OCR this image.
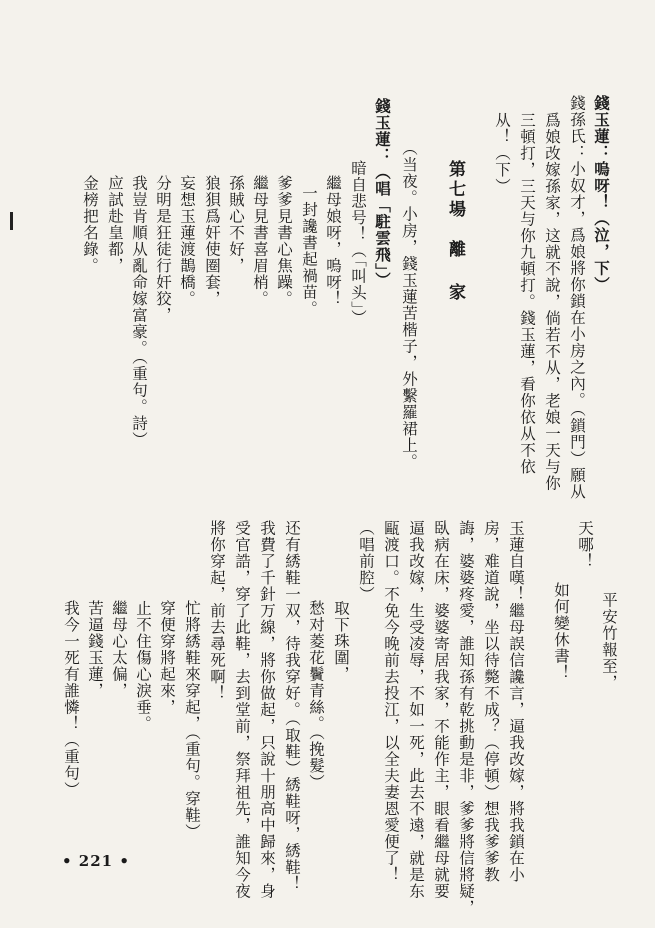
錢玉蓮：嗚呀！（泣，下）
錢孫氏：小奴才，爲娘將你鎖在小房之內。（鎖門）願从
爲娘改嫁孫家，这就不說，倘若不从，老娘一天与你
三頓打，三天与你九頓打。錢玉蓮，看你依从不依
从！（下）
第七場　離 家
（当夜。小房，錢玉蓮苦楷子，外繫羅裙上。
錢玉蓮：（唱「駐雲飛」）
暗自悲号！（「叫头」）
繼母娘呀，嗚呀！
一封讒書起禍苗。
爹爹見書心焦躁。
繼母見書喜眉梢。
孫賊心不好，
狼狽爲奸使圈套，
妄想玉蓮渡鵲橋。
分明是狂徒行奸狡，
我豈肯順从亂命嫁富豪。（重句。詩）
应試赴皇都，
金榜把名錄。
平安竹報至，
天哪！
如何變休書！
玉蓮自嘆！繼母誤信讒言，逼我改嫁，將我鎖在小
房，难道說，坐以待斃不成？（停頓）想我爹爹教
誨，婆婆疼愛，誰知孫有乾挑動是非，爹爹將信將疑，
臥病在床，婆婆寄居我家，不能作主，眼看繼母就要
逼我改嫁，生受凌辱，不如一死，此去不遠，就是东
甌渡口。不免今晚前去投江，以全夫妻恩愛便了！
（唱前腔）
取下珠圍，
愁对菱花鬢青絲。（挽髮）
还有綉鞋一双，待我穿好。（取鞋）綉鞋呀，綉鞋！
我費了千針万線，將你做起，只說十朋高中歸來，身
受官誥，穿了此鞋，去到堂前，祭拜祖先，誰知今夜
將你穿起，前去尋死啊！
忙將綉鞋來穿起，（重句。穿鞋）
穿便穿將起來，
止不住傷心淚垂。
繼母心太偏，
苦逼錢玉蓮，
我今一死有誰憐！（重句）
• 221 •
